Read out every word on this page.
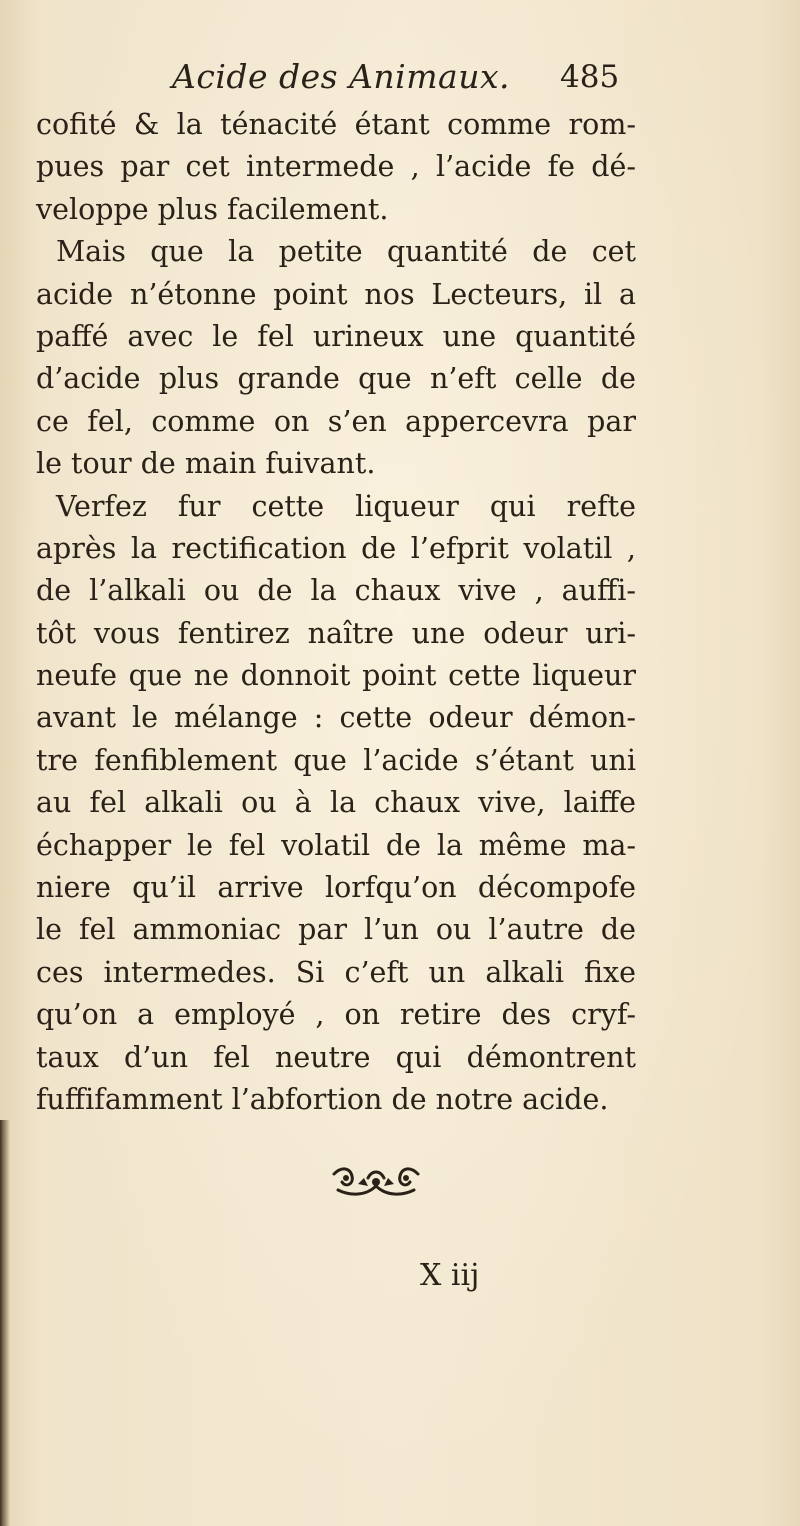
Acide des Animaux. 485
cofité & la ténacité étant comme rom-
pues par cet intermede , l’acide fe dé-
veloppe plus facilement.
Mais que la petite quantité de cet
acide n’étonne point nos Lecteurs, il a
paffé avec le fel urineux une quantité
d’acide plus grande que n’eft celle de
ce fel, comme on s’en appercevra par
le tour de main fuivant.
Verfez fur cette liqueur qui refte
après la rectification de l’efprit volatil ,
de l’alkali ou de la chaux vive , auffi-
tôt vous fentirez naître une odeur uri-
neufe que ne donnoit point cette liqueur
avant le mélange : cette odeur démon-
tre fenfiblement que l’acide s’étant uni
au fel alkali ou à la chaux vive, laiffe
échapper le fel volatil de la même ma-
niere qu’il arrive lorfqu’on décompofe
le fel ammoniac par l’un ou l’autre de
ces intermedes. Si c’eft un alkali fixe
qu’on a employé , on retire des cryf-
taux d’un fel neutre qui démontrent
fuffifamment l’abfortion de notre acide.
X iij
